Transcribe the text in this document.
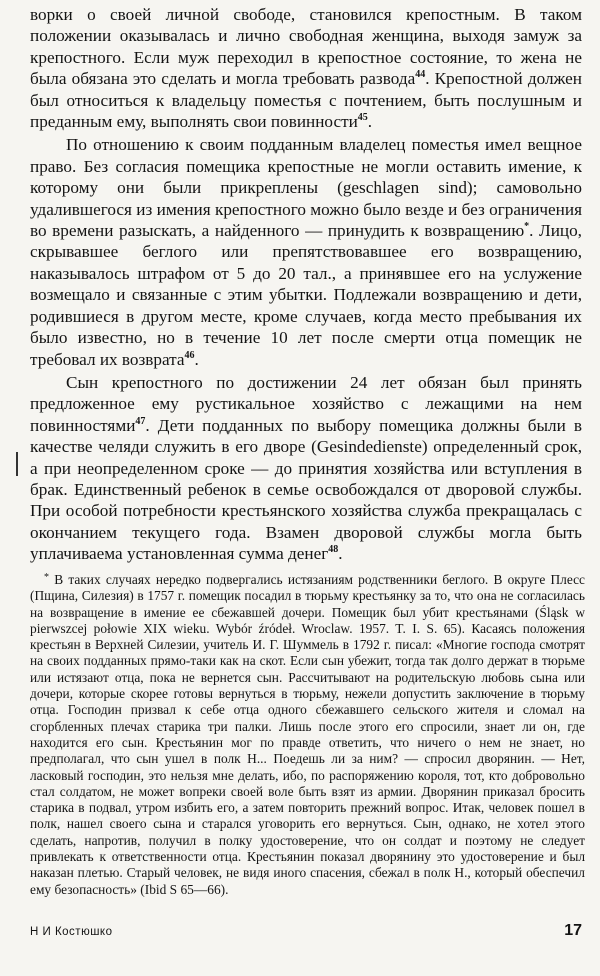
ворки о своей личной свободе, становился крепостным. В таком положении оказывалась и лично свободная женщина, выходя замуж за крепостного. Если муж переходил в крепостное состояние, то жена не была обязана это сделать и могла требовать развода$^{44}$. Крепостной должен был относиться к владельцу поместья с почтением, быть послушным и преданным ему, выполнять свои повинности$^{45}$.

По отношению к своим подданным владелец поместья имел вещное право. Без согласия помещика крепостные не могли оставить имение, к которому они были прикреплены (geschlagen sind); самовольно удалившегося из имения крепостного можно было везде и без ограничения во времени разыскать, а найденного — принудить к возвращению*. Лицо, скрывавшее беглого или препятствовавшее его возвращению, наказывалось штрафом от 5 до 20 тал., а принявшее его на услужение возмещало и связанные с этим убытки. Подлежали возвращению и дети, родившиеся в другом месте, кроме случаев, когда место пребывания их было известно, но в течение 10 лет после смерти отца помещик не требовал их возврата$^{46}$.

Сын крепостного по достижении 24 лет обязан был принять предложенное ему рустикальное хозяйство с лежащими на нем повинностями$^{47}$. Дети подданных по выбору помещика должны были в качестве челяди служить в его дворе (Gesindedienste) определенный срок, а при неопределенном сроке — до принятия хозяйства или вступления в брак. Единственный ребенок в семье освобождался от дворовой службы. При особой потребности крестьянского хозяйства служба прекращалась с окончанием текущего года. Взамен дворовой службы могла быть уплачиваема установленная сумма денег$^{48}$.

* В таких случаях нередко подвергались истязаниям родственники беглого. В округе Плесс (Пщина, Силезия) в 1757 г. помещик посадил в тюрьму крестьянку за то, что она не согласилась на возвращение в имение ее сбежавшей дочери. Помещик был убит крестьянами (Śląsk w pierwszcej połowie XIX wieku. Wybór źródeł. Wroclaw. 1957. T. I. S. 65). Касаясь положения крестьян в Верхней Силезии, учитель И. Г. Шуммель в 1792 г. писал: «Многие господа смотрят на своих подданных прямо-таки как на скот. Если сын убежит, тогда так долго держат в тюрьме или истязают отца, пока не вернется сын. Рассчитывают на родительскую любовь сына или дочери, которые скорее готовы вернуться в тюрьму, нежели допустить заключение в тюрьму отца. Господин призвал к себе отца одного сбежавшего сельского жителя и сломал на сгорбленных плечах старика три палки. Лишь после этого его спросили, знает ли он, где находится его сын. Крестьянин мог по правде ответить, что ничего о нем не знает, но предполагал, что сын ушел в полк Н... Поедешь ли за ним? — спросил дворянин. — Нет, ласковый господин, это нельзя мне делать, ибо, по распоряжению короля, тот, кто добровольно стал солдатом, не может вопреки своей воле быть взят из армии. Дворянин приказал бросить старика в подвал, утром избить его, а затем повторить прежний вопрос. Итак, человек пошел в полк, нашел своего сына и старался уговорить его вернуться. Сын, однако, не хотел этого сделать, напротив, получил в полку удостоверение, что он солдат и поэтому не следует привлекать к ответственности отца. Крестьянин показал дворянину это удостоверение и был наказан плетью. Старый человек, не видя иного спасения, сбежал в полк Н., который обеспечил ему безопасность» (Ibid S 65—66).

Н И Костюшко	17
